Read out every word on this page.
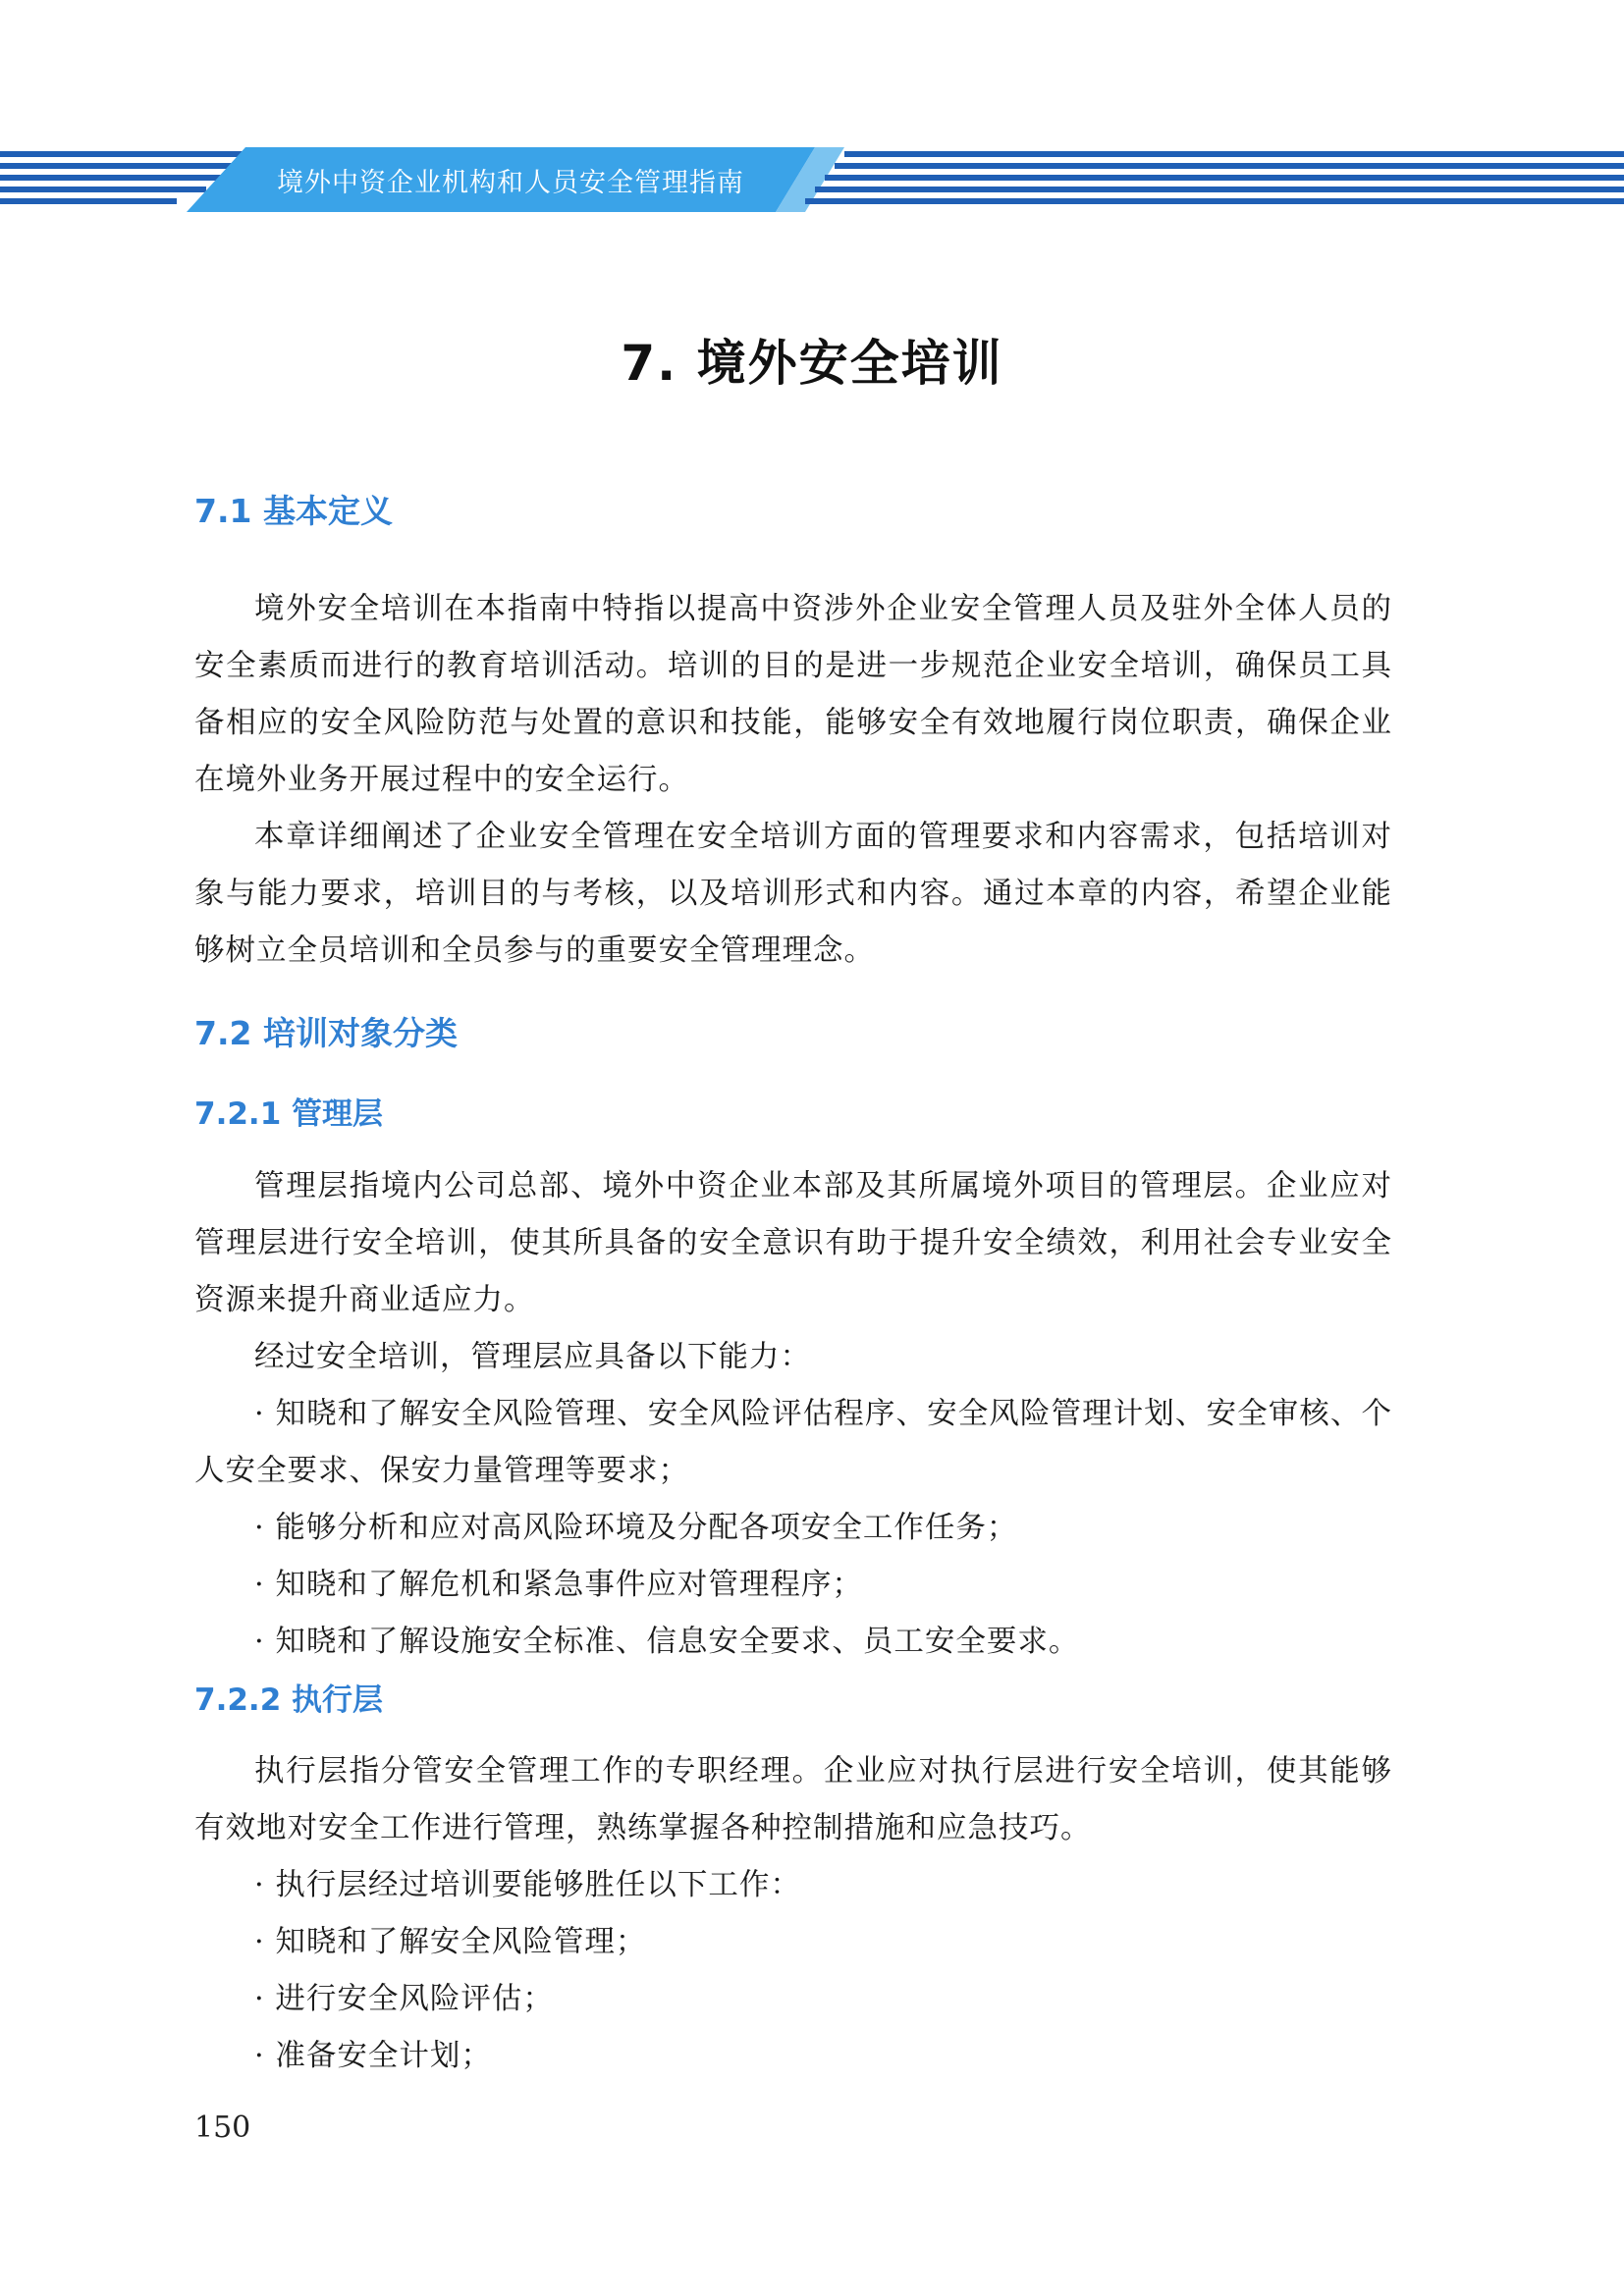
境外中资企业机构和人员安全管理指南
7. 境外安全培训
7.1 基本定义

境外安全培训在本指南中特指以提高中资涉外企业安全管理人员及驻外全体人员的安全素质而进行的教育培训活动。培训的目的是进一步规范企业安全培训，确保员工具备相应的安全风险防范与处置的意识和技能，能够安全有效地履行岗位职责，确保企业在境外业务开展过程中的安全运行。

本章详细阐述了企业安全管理在安全培训方面的管理要求和内容需求，包括培训对象与能力要求，培训目的与考核，以及培训形式和内容。通过本章的内容，希望企业能够树立全员培训和全员参与的重要安全管理理念。

7.2 培训对象分类
7.2.1 管理层

管理层指境内公司总部、境外中资企业本部及其所属境外项目的管理层。企业应对管理层进行安全培训，使其所具备的安全意识有助于提升安全绩效，利用社会专业安全资源来提升商业适应力。

经过安全培训，管理层应具备以下能力：

· 知晓和了解安全风险管理、安全风险评估程序、安全风险管理计划、安全审核、个人安全要求、保安力量管理等要求；

· 能够分析和应对高风险环境及分配各项安全工作任务；

· 知晓和了解危机和紧急事件应对管理程序；

· 知晓和了解设施安全标准、信息安全要求、员工安全要求。

7.2.2 执行层

执行层指分管安全管理工作的专职经理。企业应对执行层进行安全培训，使其能够有效地对安全工作进行管理，熟练掌握各种控制措施和应急技巧。

· 执行层经过培训要能够胜任以下工作：

· 知晓和了解安全风险管理；

· 进行安全风险评估；

· 准备安全计划；

150
